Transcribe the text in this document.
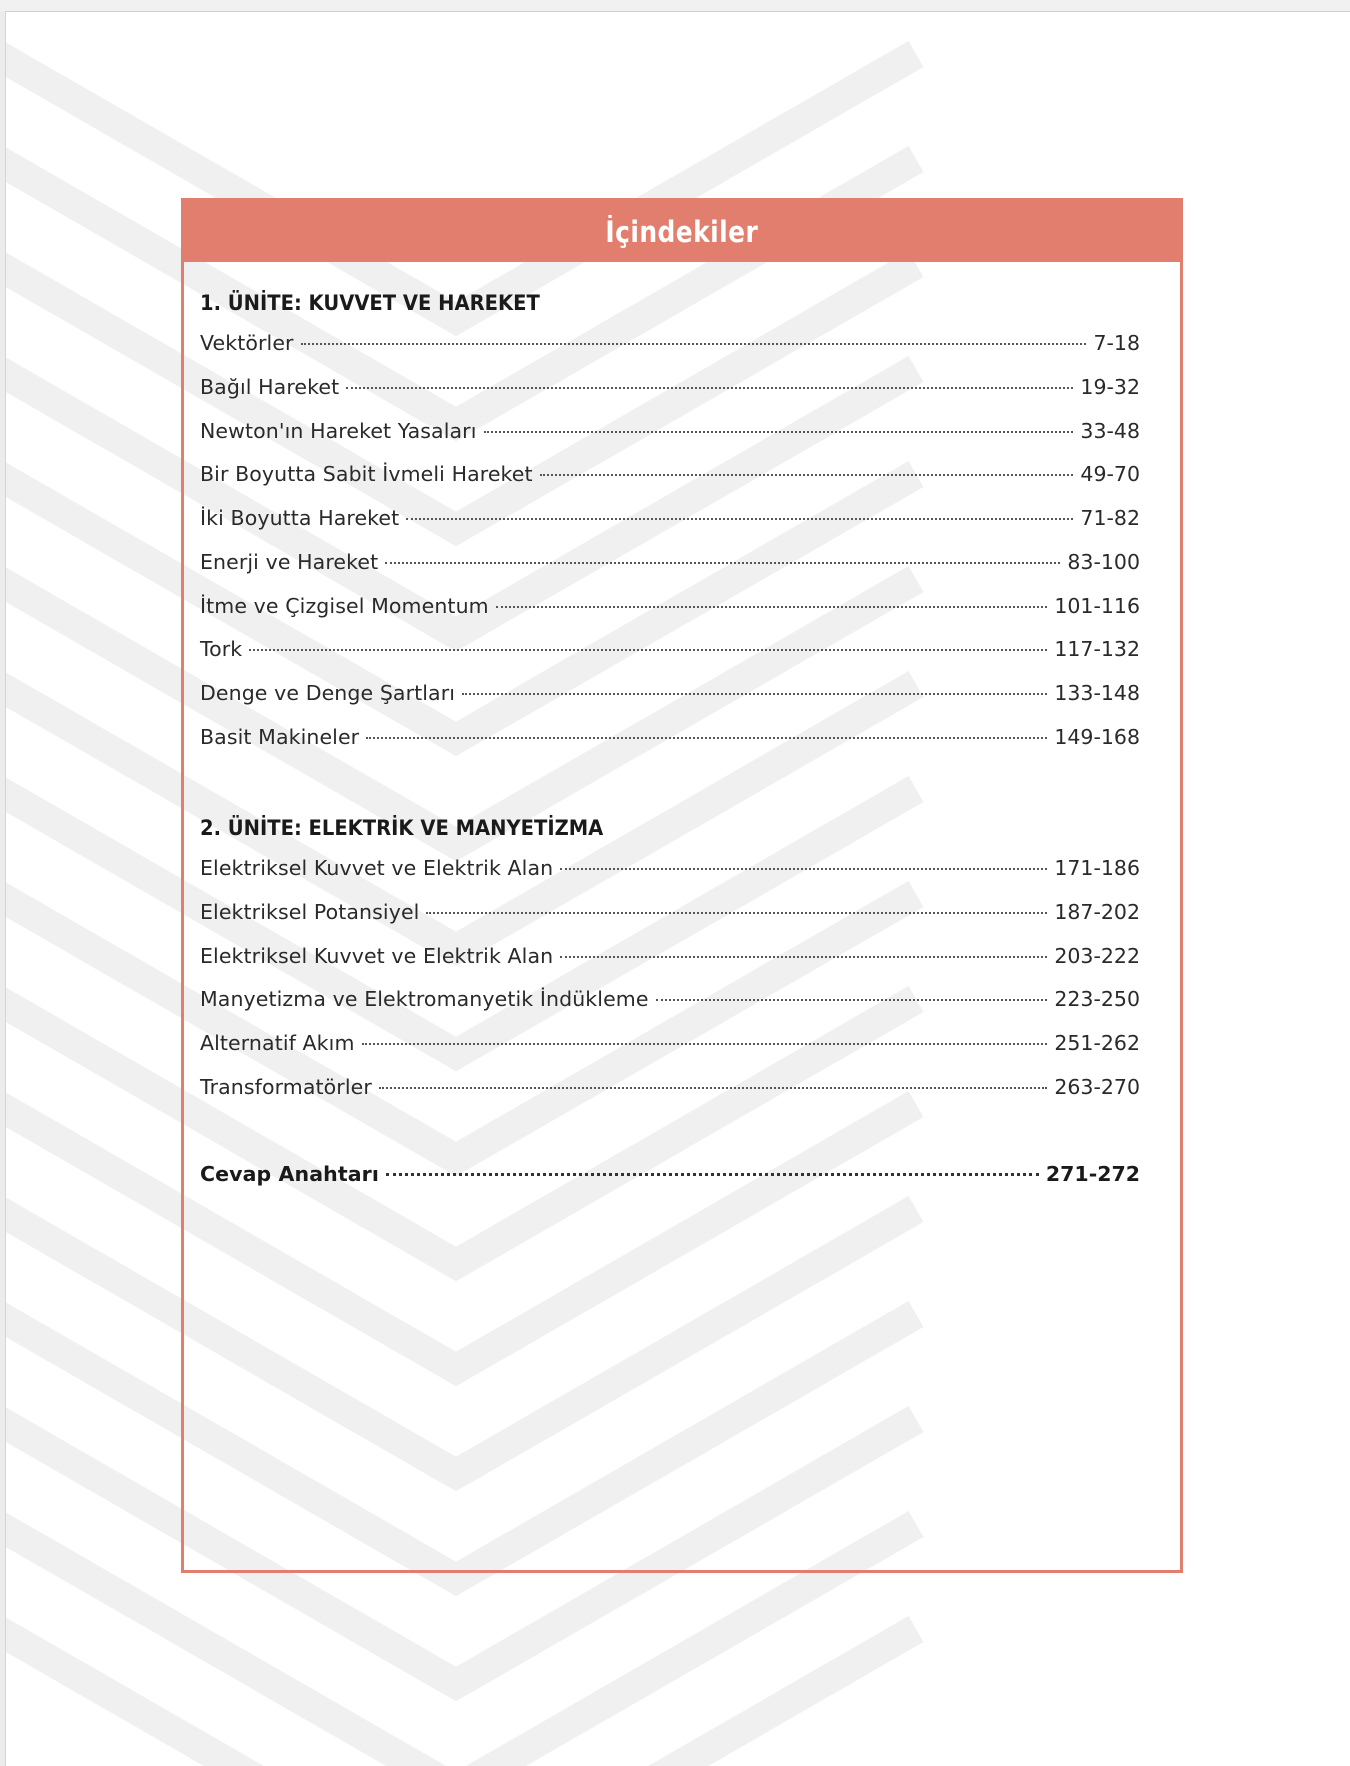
İçindekiler
1. ÜNİTE: KUVVET VE HAREKET
Vektörler	7-18
Bağıl Hareket	19-32
Newton'ın Hareket Yasaları	33-48
Bir Boyutta Sabit İvmeli Hareket	49-70
İki Boyutta Hareket	71-82
Enerji ve Hareket	83-100
İtme ve Çizgisel Momentum	101-116
Tork	117-132
Denge ve Denge Şartları	133-148
Basit Makineler	149-168
2. ÜNİTE: ELEKTRİK VE MANYETİZMA
Elektriksel Kuvvet ve Elektrik Alan	171-186
Elektriksel Potansiyel	187-202
Elektriksel Kuvvet ve Elektrik Alan	203-222
Manyetizma ve Elektromanyetik İndükleme	223-250
Alternatif Akım	251-262
Transformatörler	263-270
Cevap Anahtarı	271-272
